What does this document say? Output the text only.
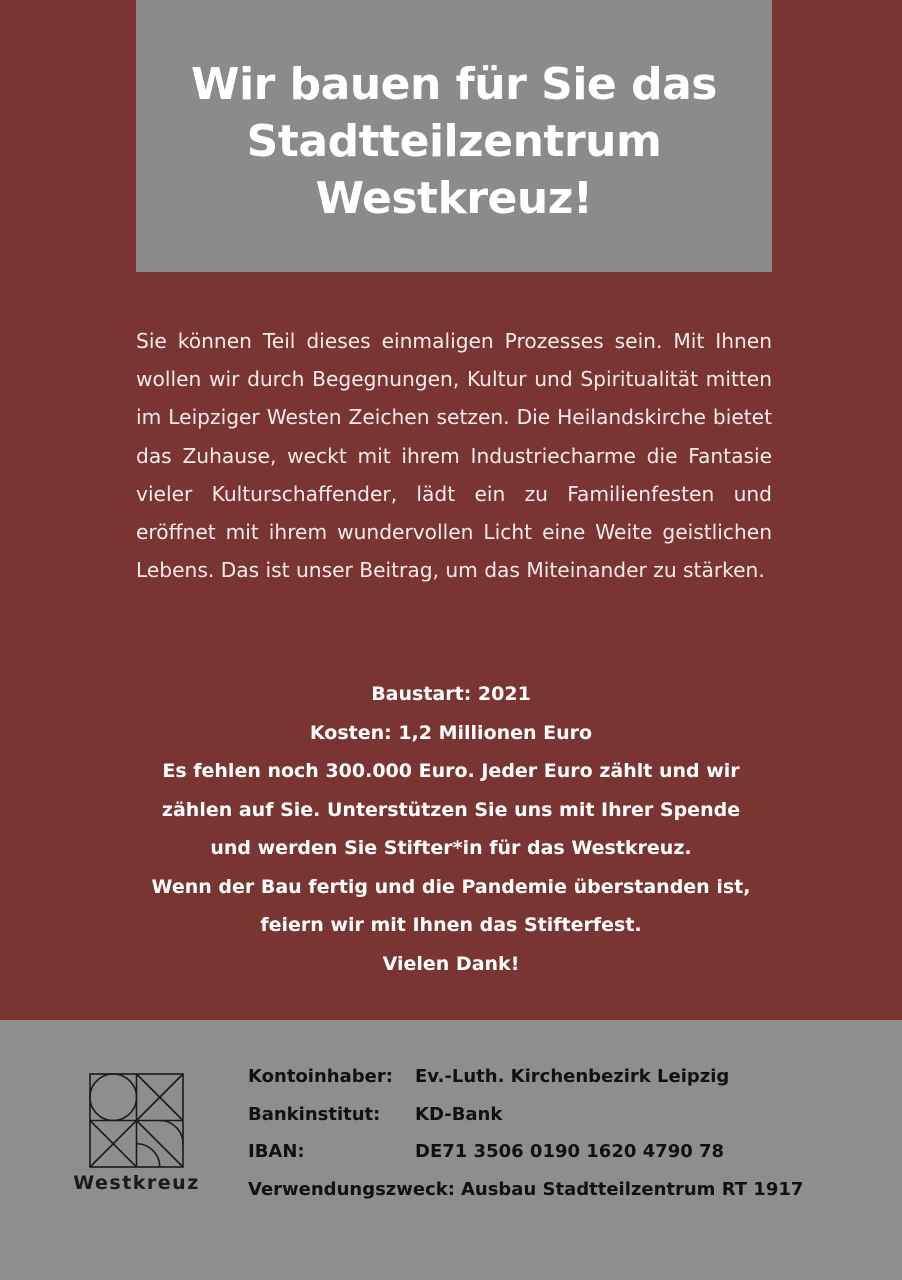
Wir bauen für Sie das
Stadtteilzentrum
Westkreuz!

Sie können Teil dieses einmaligen Prozesses sein. Mit Ihnen wollen wir durch Begegnungen, Kultur und Spiritualität mitten im Leipziger Westen Zeichen setzen. Die Heilandskirche bietet das Zuhause, weckt mit ihrem Industriecharme die Fantasie vieler Kulturschaffender, lädt ein zu Familienfesten und eröffnet mit ihrem wundervollen Licht eine Weite geistlichen Lebens. Das ist unser Beitrag, um das Miteinander zu stärken.

Baustart: 2021
Kosten: 1,2 Millionen Euro
Es fehlen noch 300.000 Euro. Jeder Euro zählt und wir
zählen auf Sie. Unterstützen Sie uns mit Ihrer Spende
und werden Sie Stifter*in für das Westkreuz.
Wenn der Bau fertig und die Pandemie überstanden ist,
feiern wir mit Ihnen das Stifterfest.
Vielen Dank!
Westkreuz
Kontoinhaber: Ev.-Luth. Kirchenbezirk Leipzig
Bankinstitut: KD-Bank
IBAN:	DE71 3506 0190 1620 4790 78
Verwendungszweck: Ausbau Stadtteilzentrum RT 1917
